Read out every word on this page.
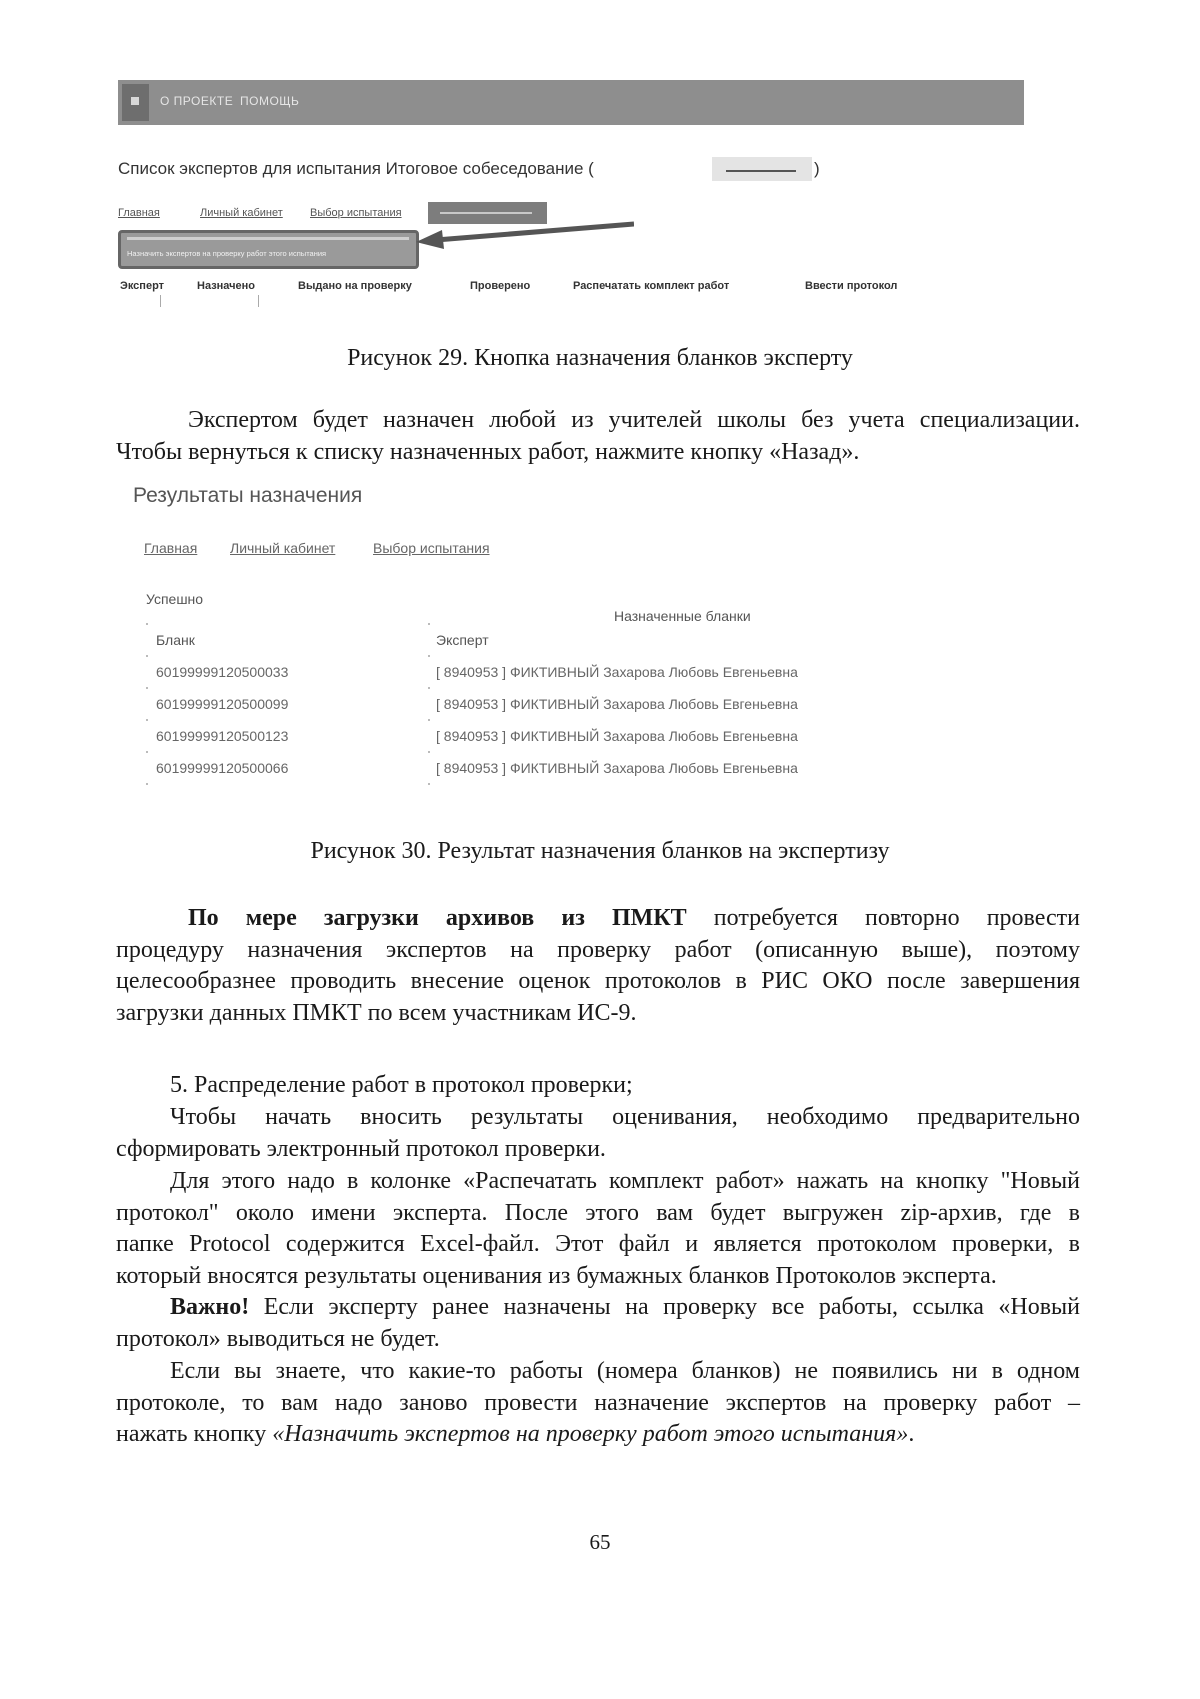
О ПРОЕКТЕ ПОМОЩЬ
Список экспертов для испытания Итоговое собеседование (	)
Главная	Личный кабинет Выбор испытания
Назначить экспертов на проверку работ этого испытания
Эксперт	Назначено	Выдано на проверку	Проверено	Распечатать комплект работ	Ввести протокол
Рисунок 29. Кнопка назначения бланков эксперту

Экспертом будет назначен любой из учителей школы без учета специализации.

Чтобы вернуться к списку назначенных работ, нажмите кнопку «Назад».

Результаты назначения
Главная Личный кабинет	Выбор испытания
Успешно
Назначенные бланки
Бланк	Эксперт
60199999120500033	[ 8940953 ] ФИКТИВНЫЙ Захарова Любовь Евгеньевна
60199999120500099	[ 8940953 ] ФИКТИВНЫЙ Захарова Любовь Евгеньевна
60199999120500123	[ 8940953 ] ФИКТИВНЫЙ Захарова Любовь Евгеньевна
60199999120500066	[ 8940953 ] ФИКТИВНЫЙ Захарова Любовь Евгеньевна
Рисунок 30. Результат назначения бланков на экспертизу

По мере загрузки архивов из ПМКТ потребуется повторно провести

процедуру назначения экспертов на проверку работ (описанную выше), поэтому

целесообразнее проводить внесение оценок протоколов в РИС ОКО после завершения

загрузки данных ПМКТ по всем участникам ИС-9.

5. Распределение работ в протокол проверки;

Чтобы начать вносить результаты оценивания, необходимо предварительно

сформировать электронный протокол проверки.

Для этого надо в колонке «Распечатать комплект работ» нажать на кнопку "Новый

протокол" около имени эксперта. После этого вам будет выгружен zip-архив, где в

папке Protocol содержится Excel-файл. Этот файл и является протоколом проверки, в

который вносятся результаты оценивания из бумажных бланков Протоколов эксперта.

Важно! Если эксперту ранее назначены на проверку все работы, ссылка «Новый

протокол» выводиться не будет.

Если вы знаете, что какие-то работы (номера бланков) не появились ни в одном

протоколе, то вам надо заново провести назначение экспертов на проверку работ –

нажать кнопку «Назначить экспертов на проверку работ этого испытания».

65
